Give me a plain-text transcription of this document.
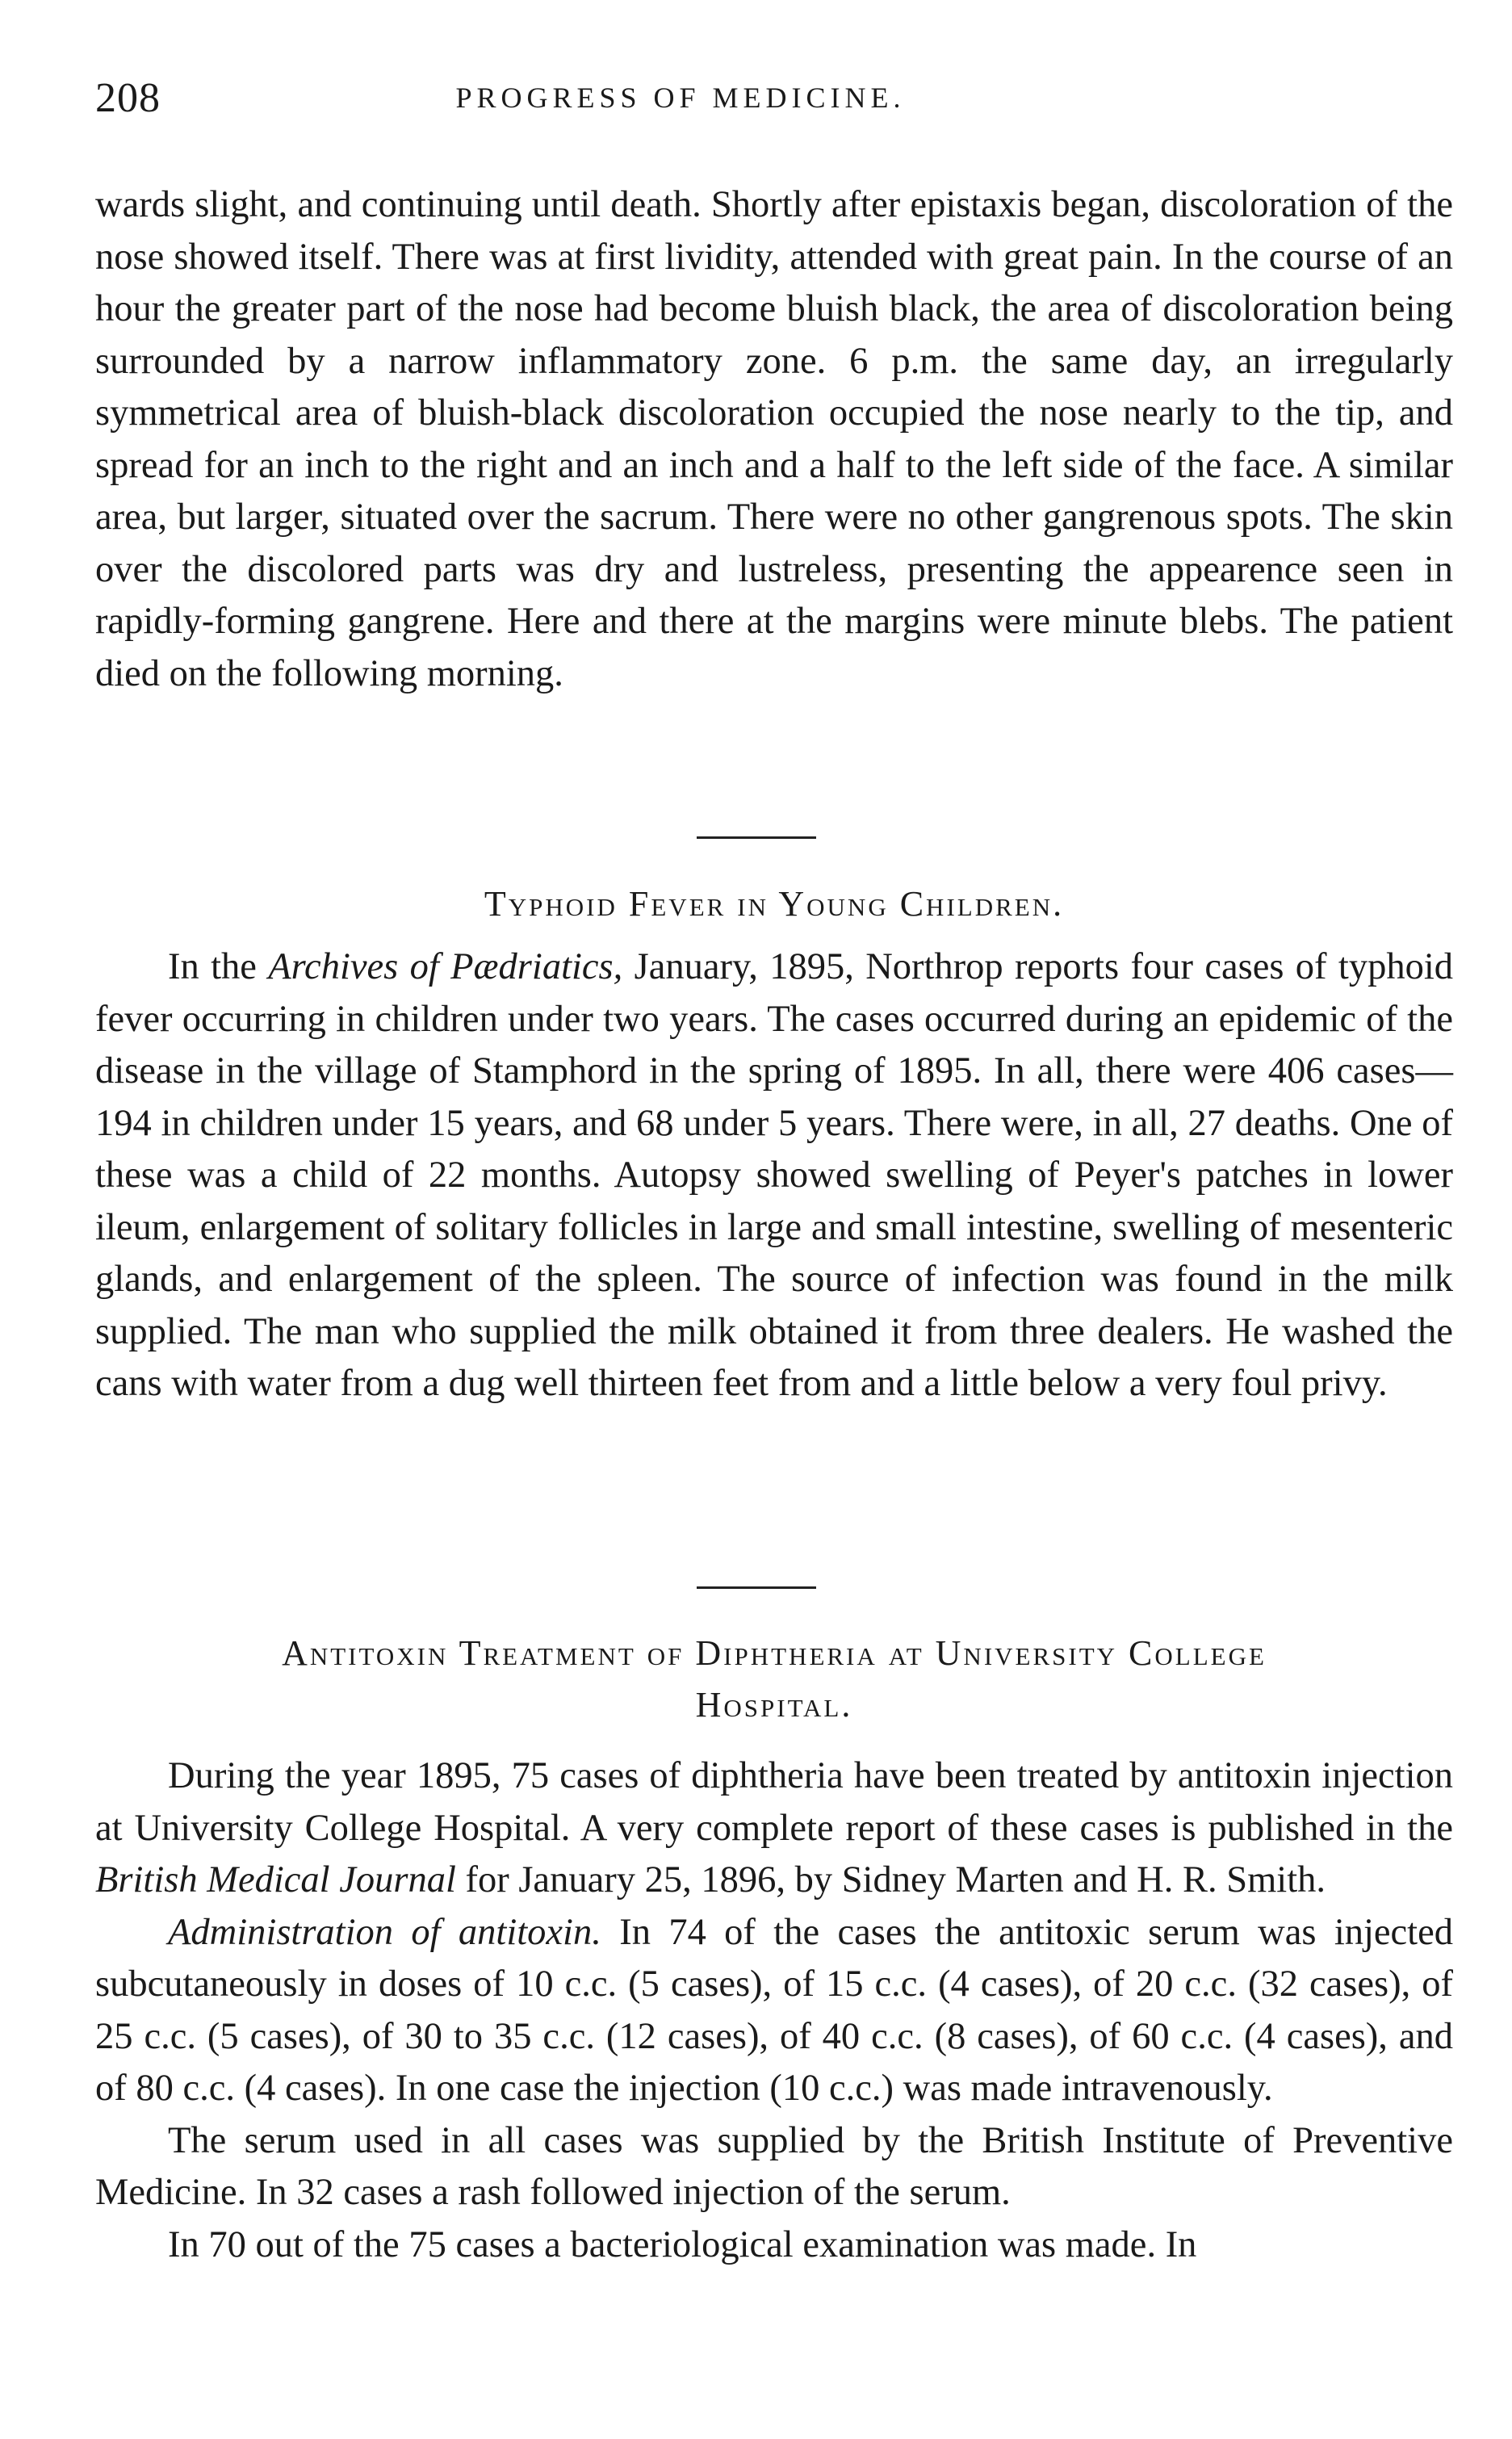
208	PROGRESS OF MEDICINE.

wards slight, and continuing until death. Shortly after epistaxis began, discoloration of the nose showed itself. There was at first lividity, attended with great pain. In the course of an hour the greater part of the nose had become bluish black, the area of discoloration being surrounded by a narrow inflammatory zone. 6 p.m. the same day, an irregularly symmetrical area of bluish-black discoloration occupied the nose nearly to the tip, and spread for an inch to the right and an inch and a half to the left side of the face. A similar area, but larger, situated over the sacrum. There were no other gangrenous spots. The skin over the discolored parts was dry and lustreless, presenting the appearence seen in rapidly-forming gangrene. Here and there at the margins were minute blebs. The patient died on the following morning.

Typhoid Fever in Young Children.

In the Archives of Pædriatics, January, 1895, Northrop reports four cases of typhoid fever occurring in children under two years. The cases occurred during an epidemic of the disease in the village of Stamphord in the spring of 1895. In all, there were 406 cases—194 in children under 15 years, and 68 under 5 years. There were, in all, 27 deaths. One of these was a child of 22 months. Autopsy showed swelling of Peyer's patches in lower ileum, enlargement of solitary follicles in large and small intestine, swelling of mesenteric glands, and enlargement of the spleen. The source of infection was found in the milk supplied. The man who supplied the milk obtained it from three dealers. He washed the cans with water from a dug well thirteen feet from and a little below a very foul privy.

Antitoxin Treatment of Diphtheria at University College
Hospital.

During the year 1895, 75 cases of diphtheria have been treated by antitoxin injection at University College Hospital. A very complete report of these cases is published in the British Medical Journal for January 25, 1896, by Sidney Marten and H. R. Smith.

Administration of antitoxin. In 74 of the cases the antitoxic serum was injected subcutaneously in doses of 10 c.c. (5 cases), of 15 c.c. (4 cases), of 20 c.c. (32 cases), of 25 c.c. (5 cases), of 30 to 35 c.c. (12 cases), of 40 c.c. (8 cases), of 60 c.c. (4 cases), and of 80 c.c. (4 cases). In one case the injection (10 c.c.) was made intravenously.

The serum used in all cases was supplied by the British Institute of Preventive Medicine. In 32 cases a rash followed injection of the serum.

In 70 out of the 75 cases a bacteriological examination was made. In
